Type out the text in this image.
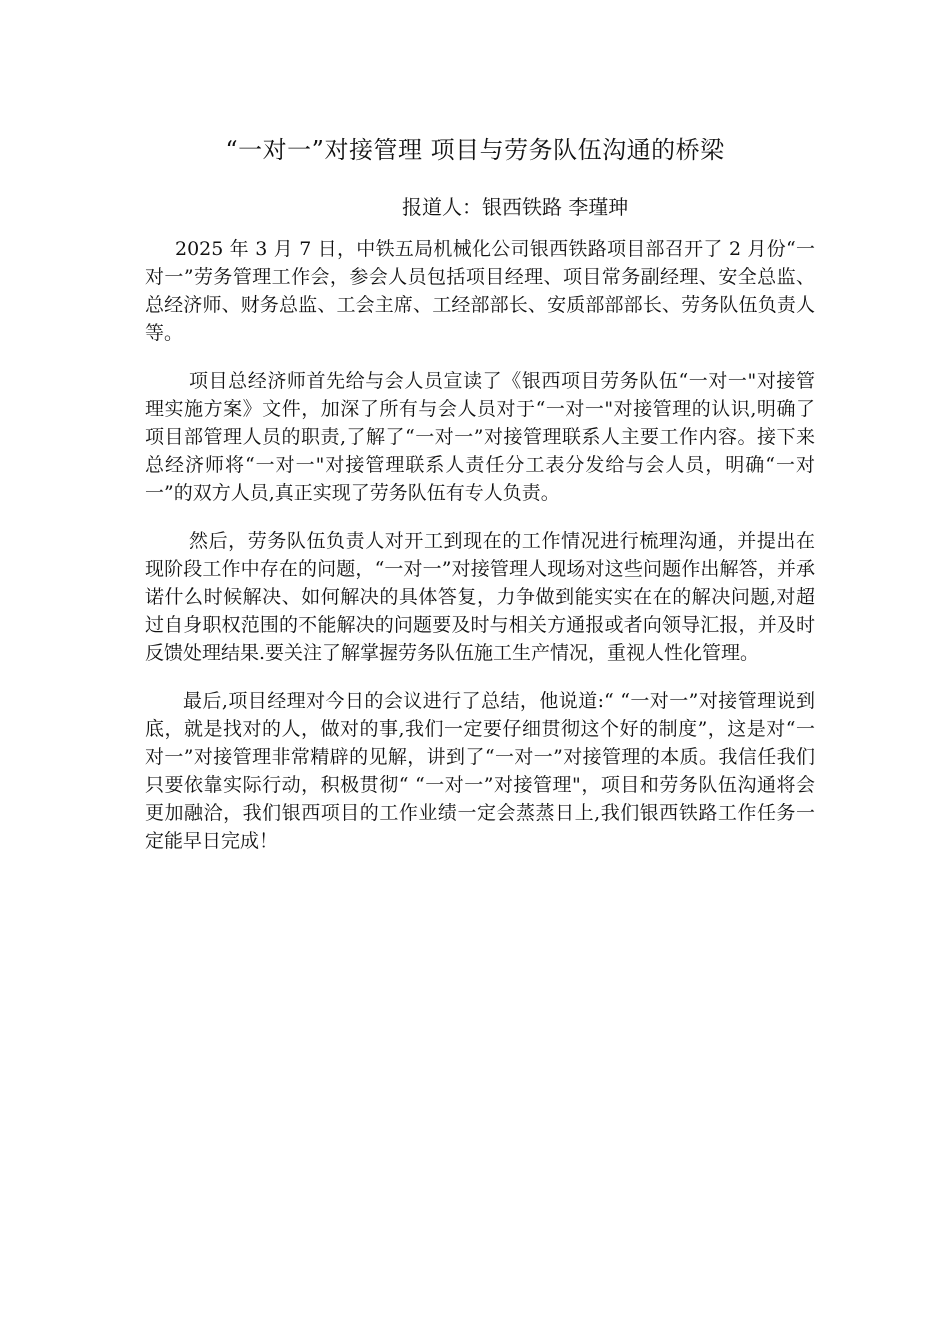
“一对一”对接管理 项目与劳务队伍沟通的桥梁
报道人：银西铁路 李瑾珅

2025 年 3 月 7 日，中铁五局机械化公司银西铁路项目部召开了 2 月份“一对一”劳务管理工作会，参会人员包括项目经理、项目常务副经理、安全总监、总经济师、财务总监、工会主席、工经部部长、安质部部部长、劳务队伍负责人等。

项目总经济师首先给与会人员宣读了《银西项目劳务队伍“一对一"对接管理实施方案》文件，加深了所有与会人员对于“一对一"对接管理的认识,明确了项目部管理人员的职责,了解了“一对一”对接管理联系人主要工作内容。接下来总经济师将“一对一"对接管理联系人责任分工表分发给与会人员，明确“一对一”的双方人员,真正实现了劳务队伍有专人负责。

然后，劳务队伍负责人对开工到现在的工作情况进行梳理沟通，并提出在现阶段工作中存在的问题，“一对一”对接管理人现场对这些问题作出解答，并承诺什么时候解决、如何解决的具体答复，力争做到能实实在在的解决问题,对超过自身职权范围的不能解决的问题要及时与相关方通报或者向领导汇报，并及时反馈处理结果.要关注了解掌握劳务队伍施工生产情况，重视人性化管理。

最后,项目经理对今日的会议进行了总结，他说道:“ “一对一”对接管理说到底，就是找对的人，做对的事,我们一定要仔细贯彻这个好的制度”，这是对“一对一”对接管理非常精辟的见解，讲到了“一对一”对接管理的本质。我信任我们只要依靠实际行动，积极贯彻“ “一对一”对接管理"，项目和劳务队伍沟通将会更加融洽，我们银西项目的工作业绩一定会蒸蒸日上,我们银西铁路工作任务一定能早日完成！
